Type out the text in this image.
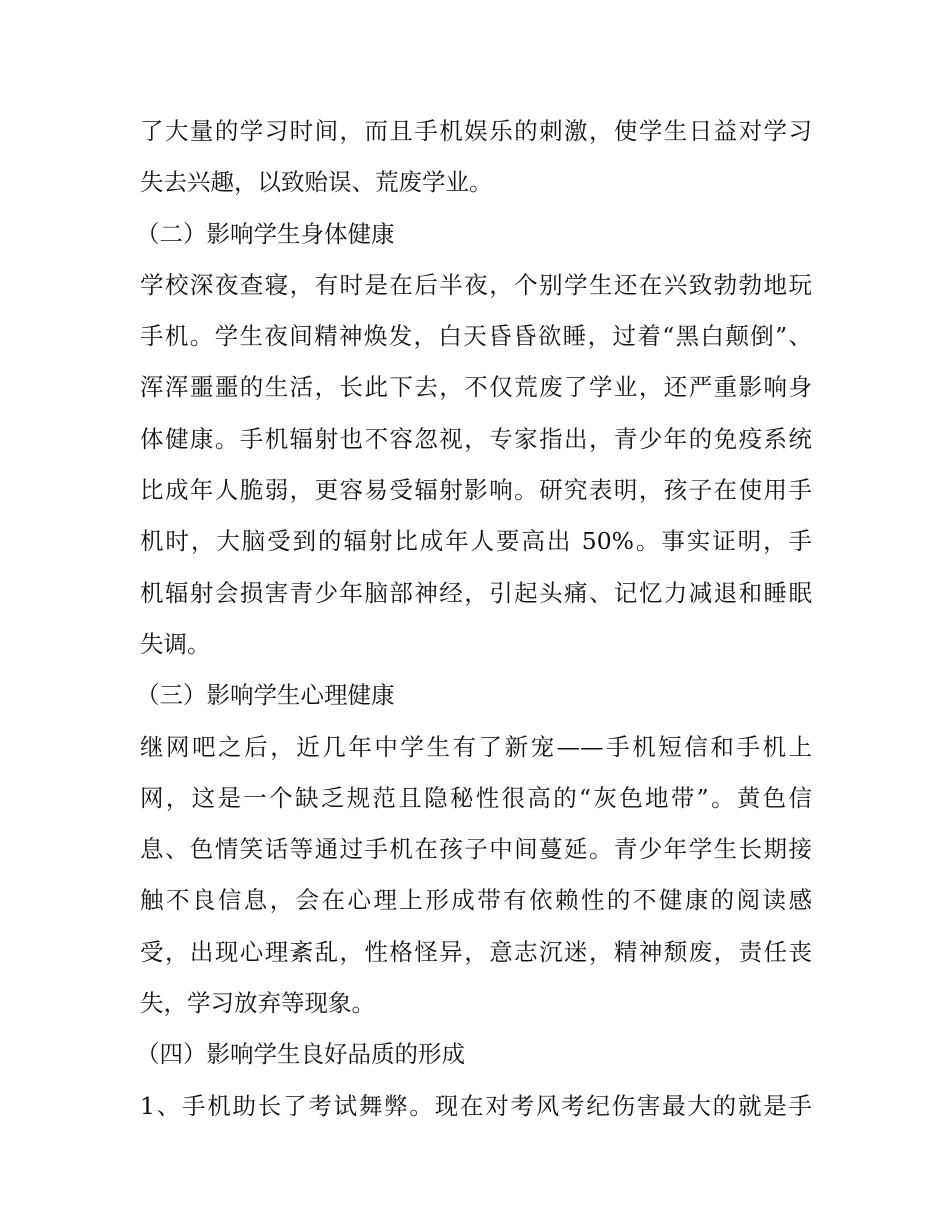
了大量的学习时间，而且手机娱乐的刺激，使学生日益对学习
失去兴趣，以致贻误、荒废学业。
（二）影响学生身体健康
学校深夜查寝，有时是在后半夜，个别学生还在兴致勃勃地玩
手机。学生夜间精神焕发，白天昏昏欲睡，过着“黑白颠倒”、
浑浑噩噩的生活，长此下去，不仅荒废了学业，还严重影响身
体健康。手机辐射也不容忽视，专家指出，青少年的免疫系统
比成年人脆弱，更容易受辐射影响。研究表明，孩子在使用手
机时，大脑受到的辐射比成年人要高出 50%。事实证明，手
机辐射会损害青少年脑部神经，引起头痛、记忆力减退和睡眠
失调。
（三）影响学生心理健康
继网吧之后，近几年中学生有了新宠——手机短信和手机上
网，这是一个缺乏规范且隐秘性很高的“灰色地带”。黄色信
息、色情笑话等通过手机在孩子中间蔓延。青少年学生长期接
触不良信息，会在心理上形成带有依赖性的不健康的阅读感
受，出现心理紊乱，性格怪异，意志沉迷，精神颓废，责任丧
失，学习放弃等现象。
（四）影响学生良好品质的形成
1、手机助长了考试舞弊。现在对考风考纪伤害最大的就是手
